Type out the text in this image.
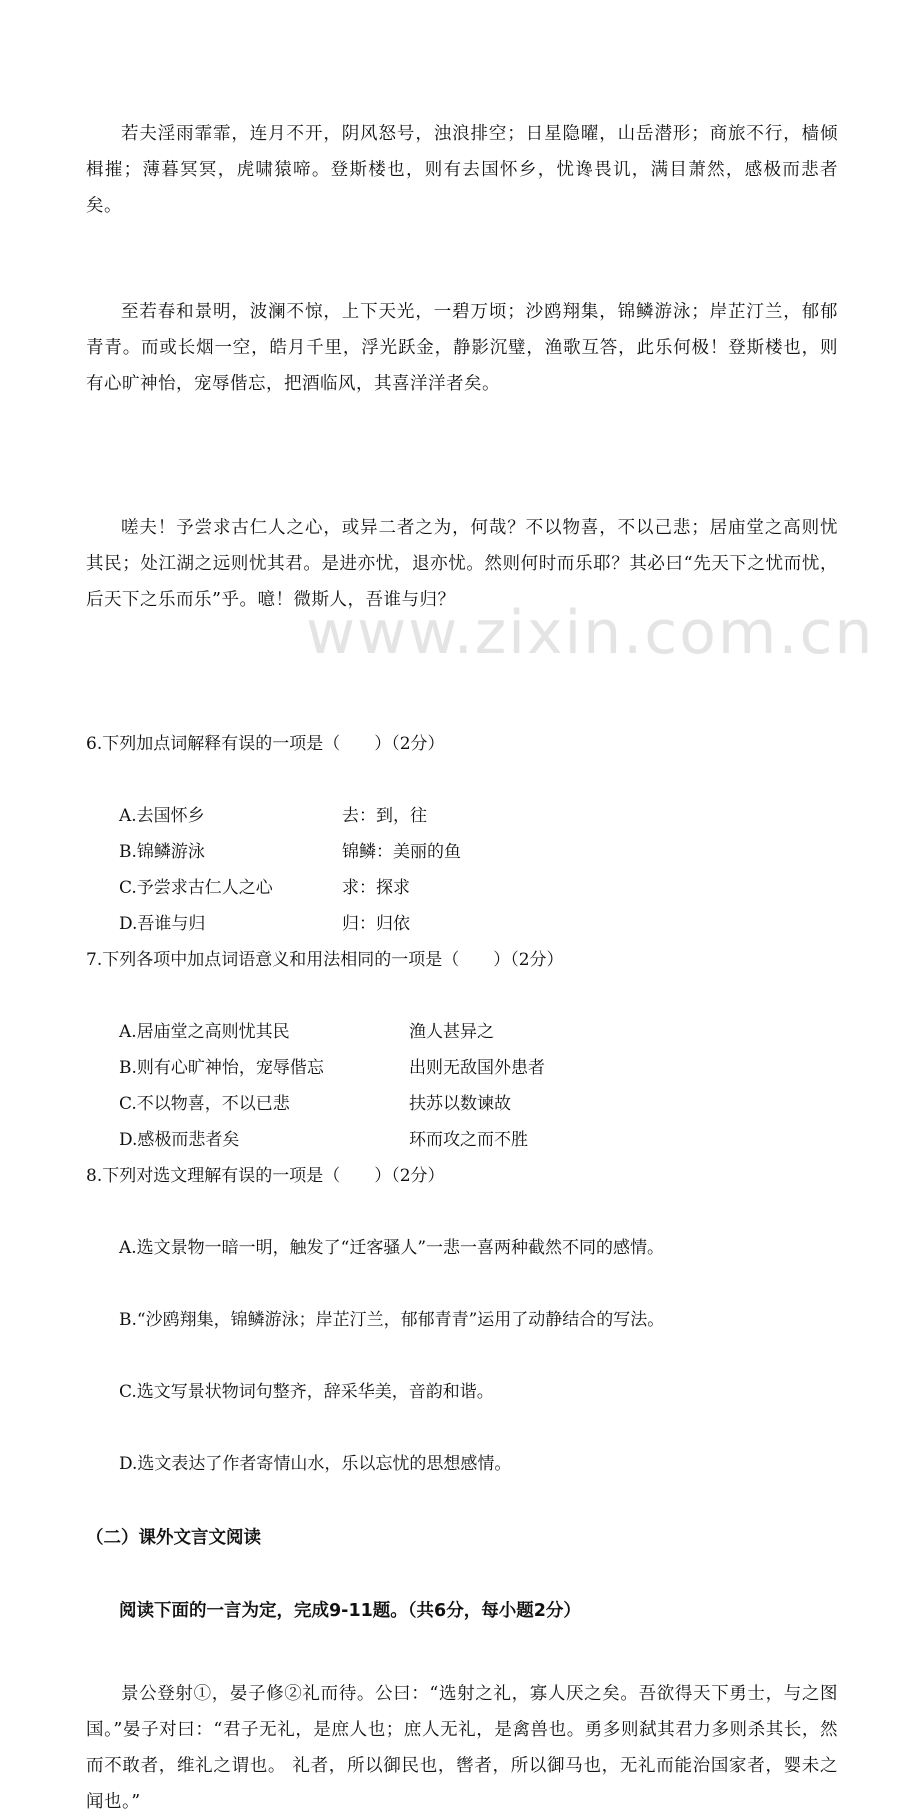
www.zixin.com.cn

若夫淫雨霏霏，连月不开，阴风怒号，浊浪排空；日星隐曜，山岳潜形；商旅不行，樯倾楫摧；薄暮冥冥，虎啸猿啼。登斯楼也，则有去国怀乡，忧谗畏讥，满目萧然，感极而悲者矣。

至若春和景明，波澜不惊，上下天光，一碧万顷；沙鸥翔集，锦鳞游泳；岸芷汀兰，郁郁青青。而或长烟一空，皓月千里，浮光跃金，静影沉璧，渔歌互答，此乐何极！登斯楼也，则有心旷神怡，宠辱偕忘，把酒临风，其喜洋洋者矣。

嗟夫！予尝求古仁人之心，或异二者之为，何哉？不以物喜，不以己悲；居庙堂之高则忧其民；处江湖之远则忧其君。是进亦忧，退亦忧。然则何时而乐耶？其必曰“先天下之忧而忧，后天下之乐而乐”乎。噫！微斯人，吾谁与归？

6.下列加点词解释有误的一项是（　　）（2分）
A.去国怀乡	去：到，往
B.锦鳞游泳	锦鳞：美丽的鱼
C.予尝求古仁人之心	求：探求
D.吾谁与归	归：归依
7.下列各项中加点词语意义和用法相同的一项是（　　）（2分）
A.居庙堂之高则忧其民	渔人甚异之
B.则有心旷神怡，宠辱偕忘	出则无敌国外患者
C.不以物喜，不以已悲	扶苏以数谏故
D.感极而悲者矣	环而攻之而不胜
8.下列对选文理解有误的一项是（　　）（2分）
A.选文景物一暗一明，触发了“迁客骚人”一悲一喜两种截然不同的感情。
B.“沙鸥翔集，锦鳞游泳；岸芷汀兰，郁郁青青”运用了动静结合的写法。
C.选文写景状物词句整齐，辞采华美，音韵和谐。
D.选文表达了作者寄情山水，乐以忘忧的思想感情。
（二）课外文言文阅读
阅读下面的一言为定，完成9-11题。（共6分，每小题2分）

景公登射①，晏子修②礼而待。公曰：“选射之礼，寡人厌之矣。吾欲得天下勇士，与之图国。”晏子对曰：“君子无礼，是庶人也；庶人无礼，是禽兽也。勇多则弑其君力多则杀其长，然而不敢者，维礼之谓也。 礼者，所以御民也，辔者，所以御马也，无礼而能治国家者，婴未之闻也。”
